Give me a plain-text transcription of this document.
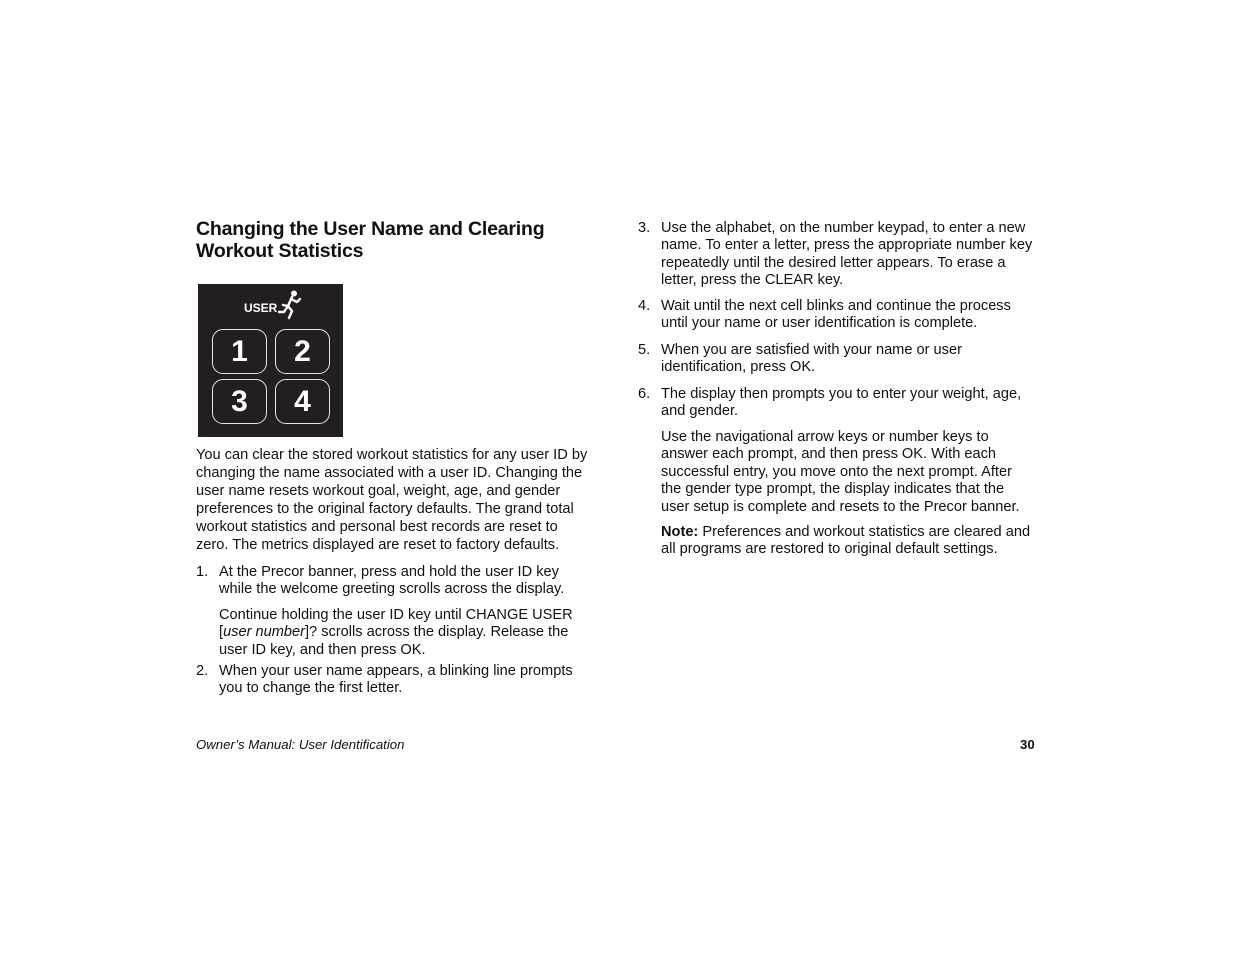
Changing the User Name and Clearing
Workout Statistics
USER
1	2
3	4
You can clear the stored workout statistics for any user ID by
changing the name associated with a user ID. Changing the
user name resets workout goal, weight, age, and gender
preferences to the original factory defaults. The grand total
workout statistics and personal best records are reset to
zero. The metrics displayed are reset to factory defaults.
1. At the Precor banner, press and hold the user ID key
while the welcome greeting scrolls across the display.
Continue holding the user ID key until CHANGE USER
[user number]? scrolls across the display. Release the
user ID key, and then press OK.
2. When your user name appears, a blinking line prompts
you to change the first letter.
3. Use the alphabet, on the number keypad, to enter a new
name. To enter a letter, press the appropriate number key
repeatedly until the desired letter appears. To erase a
letter, press the CLEAR key.
4. Wait until the next cell blinks and continue the process
until your name or user identification is complete.
5. When you are satisfied with your name or user
identification, press OK.
6. The display then prompts you to enter your weight, age,
and gender.
Use the navigational arrow keys or number keys to
answer each prompt, and then press OK. With each
successful entry, you move onto the next prompt. After
the gender type prompt, the display indicates that the
user setup is complete and resets to the Precor banner.
Note: Preferences and workout statistics are cleared and
all programs are restored to original default settings.
Owner’s Manual: User Identification	30
